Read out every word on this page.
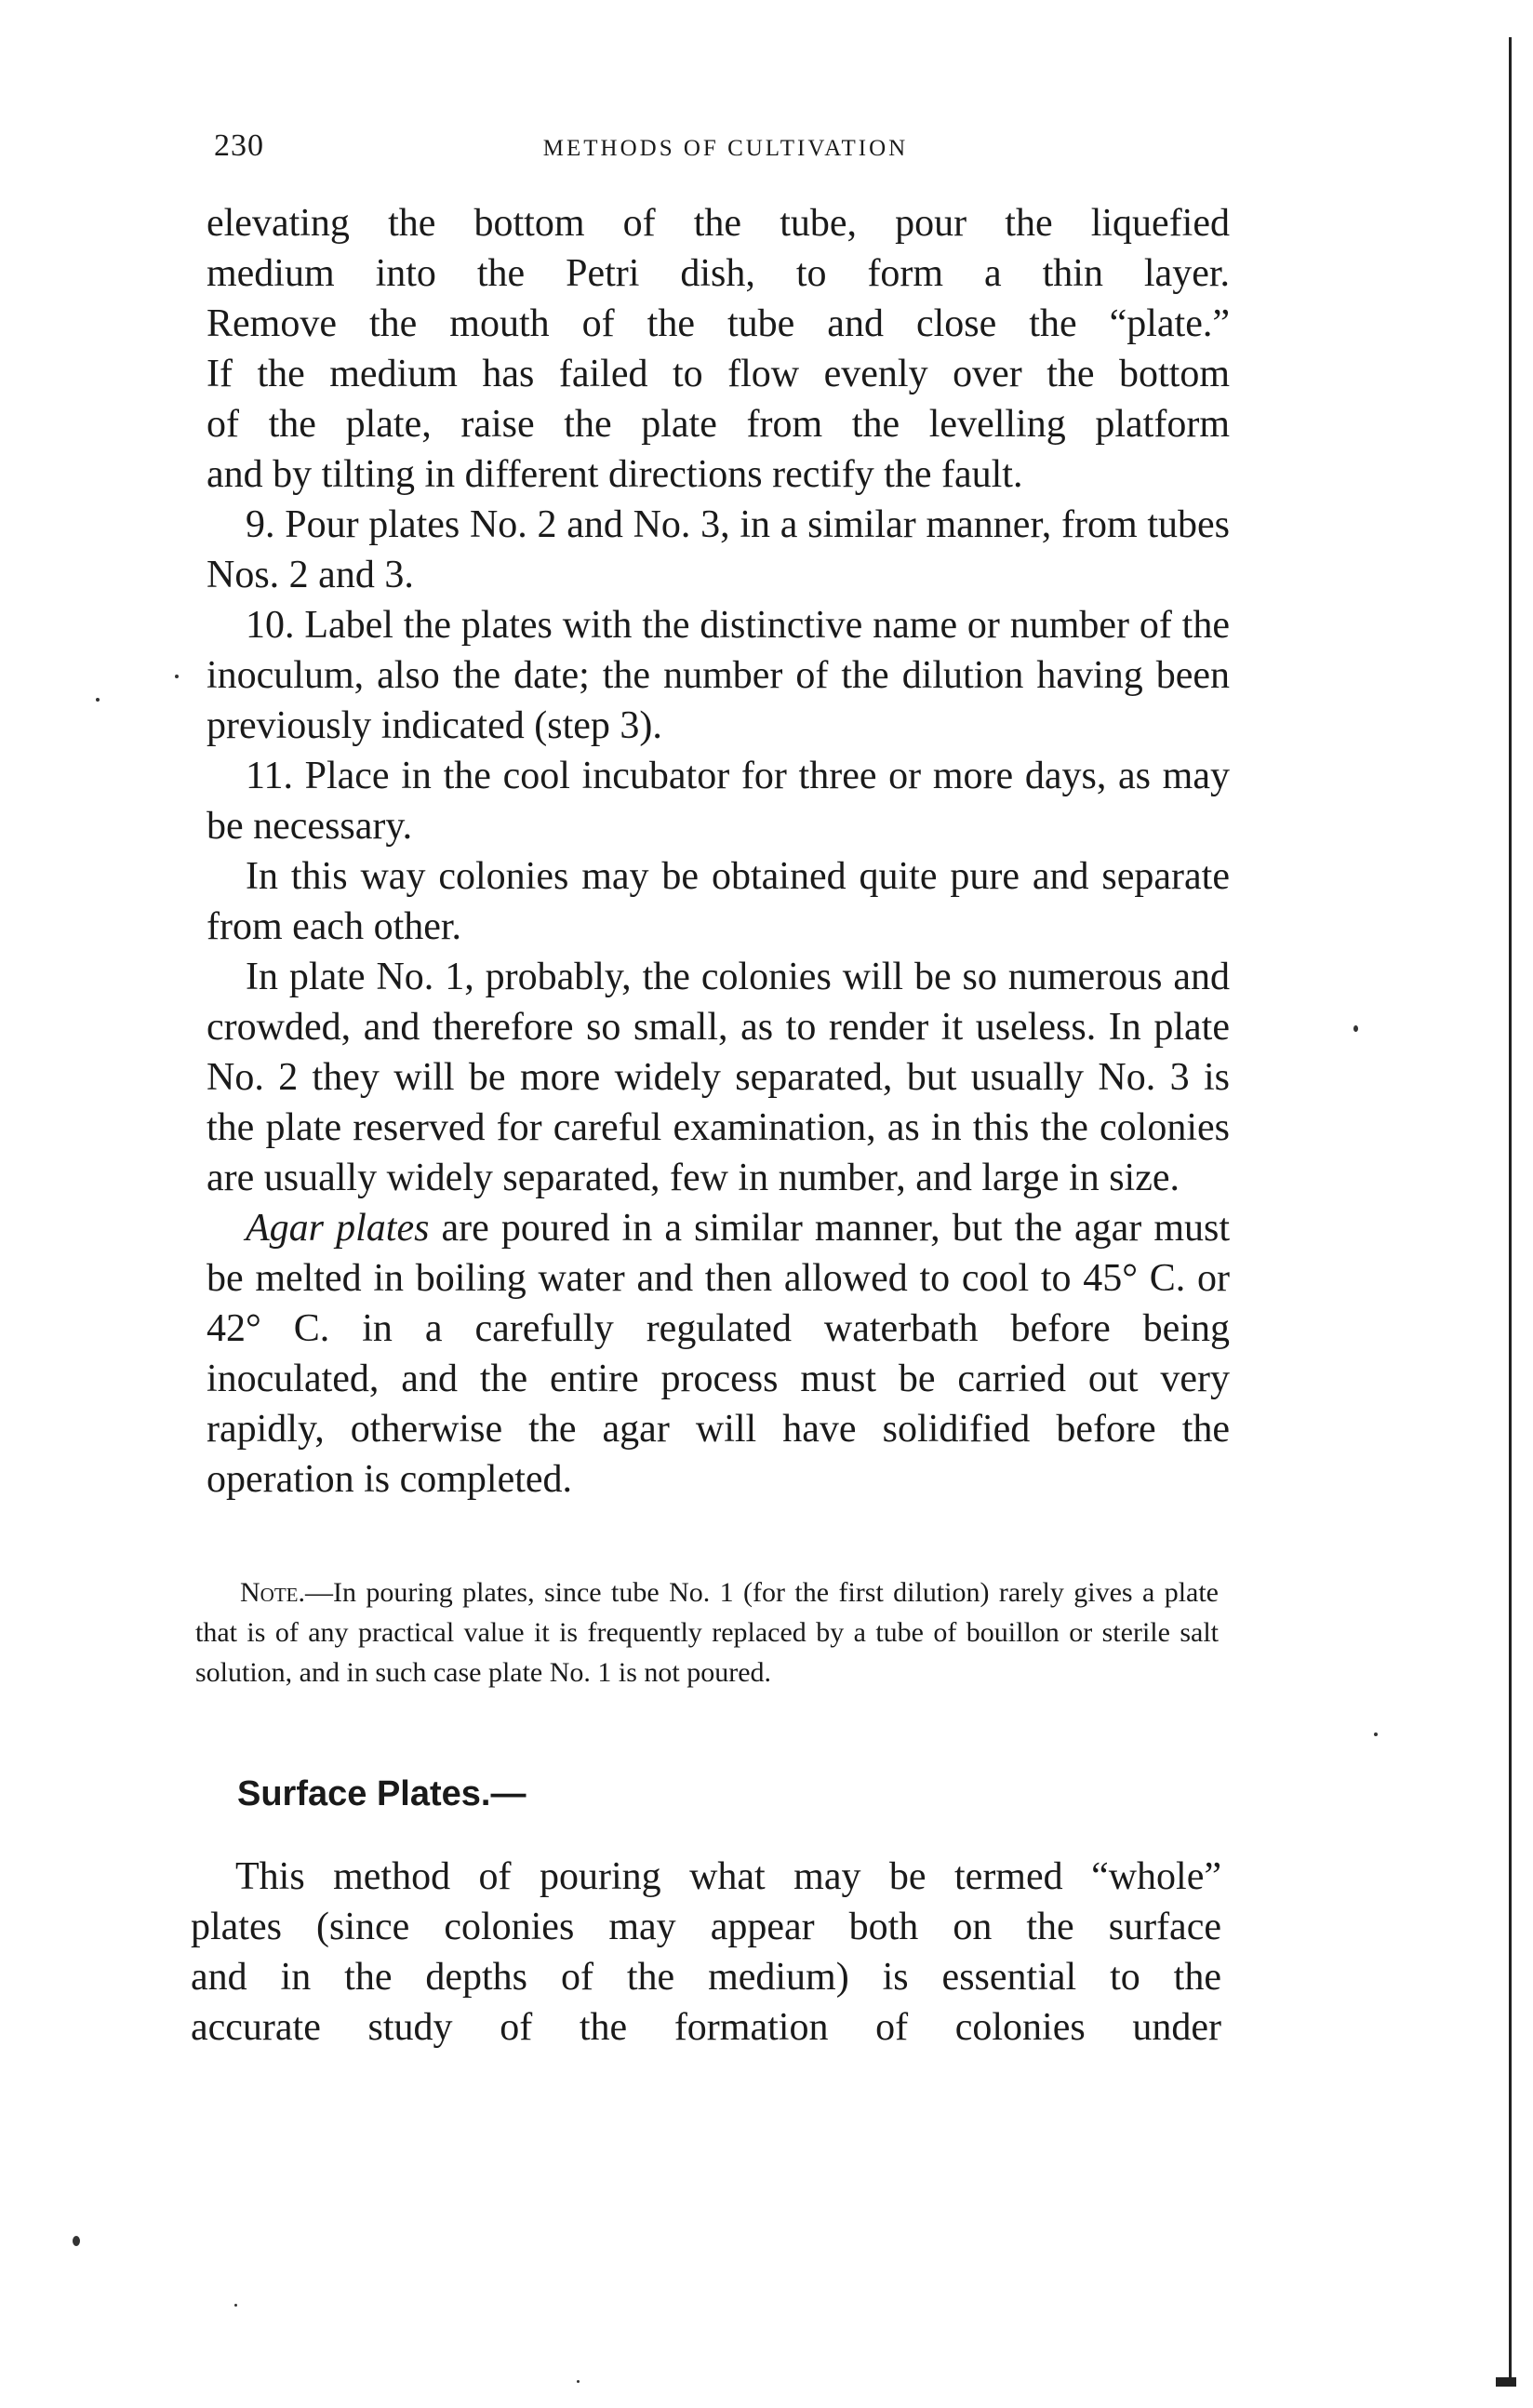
230	METHODS OF CULTIVATION

elevating the bottom of the tube, pour the liquefied

medium into the Petri dish, to form a thin layer.

Remove the mouth of the tube and close the “plate.”

If the medium has failed to flow evenly over the bottom

of the plate, raise the plate from the levelling platform

and by tilting in different directions rectify the fault.

9. Pour plates No. 2 and No. 3, in a similar manner, from tubes Nos. 2 and 3.

10. Label the plates with the distinctive name or number of the inoculum, also the date; the number of the dilution having been previously indicated (step 3).

11. Place in the cool incubator for three or more days, as may be necessary.

In this way colonies may be obtained quite pure and separate from each other.

In plate No. 1, probably, the colonies will be so numerous and crowded, and therefore so small, as to render it useless. In plate No. 2 they will be more widely separated, but usually No. 3 is the plate reserved for careful examination, as in this the colonies are usually widely separated, few in number, and large in size.

Agar plates are poured in a similar manner, but the agar must be melted in boiling water and then allowed to cool to 45° C. or 42° C. in a carefully regulated waterbath before being inoculated, and the entire process must be carried out very rapidly, otherwise the agar will have solidified before the operation is completed.

Note.—In pouring plates, since tube No. 1 (for the first dilution) rarely gives a plate that is of any practical value it is frequently replaced by a tube of bouillon or sterile salt solution, and in such case plate No. 1 is not poured.
Surface Plates.—

This method of pouring what may be termed “whole”

plates (since colonies may appear both on the surface

and in the depths of the medium) is essential to the

accurate study of the formation of colonies under
